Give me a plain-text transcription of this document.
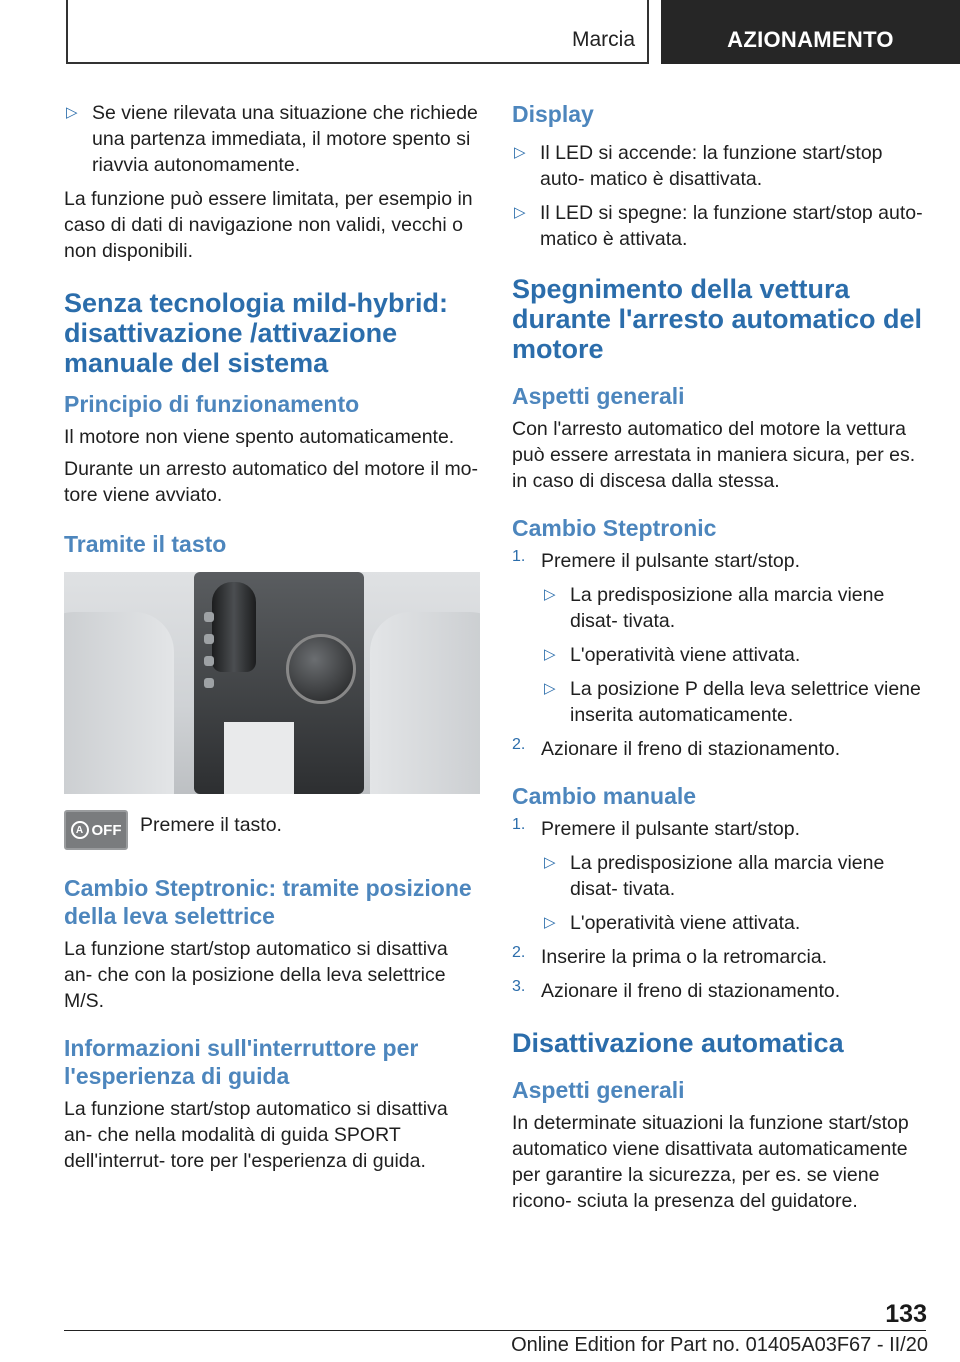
Marcia	AZIONAMENTO
▷ Se viene rilevata una situazione che richiede una partenza immediata, il motore spento si riavvia autonomamente.

La funzione può essere limitata, per esempio in caso di dati di navigazione non validi, vecchi o non disponibili.

Senza tecnologia mild-hybrid: disattivazione /attivazione manuale del sistema
Principio di funzionamento

Il motore non viene spento automaticamente.

Durante un arresto automatico del motore il mo- tore viene avviato.

Tramite il tasto
A OFF Premere il tasto.

Cambio Steptronic: tramite posizione della leva selettrice

La funzione start/stop automatico si disattiva an- che con la posizione della leva selettrice M/S.

Informazioni sull'interruttore per l'esperienza di guida

La funzione start/stop automatico si disattiva an- che nella modalità di guida SPORT dell'interrut- tore per l'esperienza di guida.

Display
▷ Il LED si accende: la funzione start/stop auto- matico è disattivata.

▷ Il LED si spegne: la funzione start/stop auto- matico è attivata.

Spegnimento della vettura durante l'arresto automatico del motore
Aspetti generali

Con l'arresto automatico del motore la vettura può essere arrestata in maniera sicura, per es. in caso di discesa dalla stessa.

Cambio Steptronic
1. Premere il pulsante start/stop.

▷ La predisposizione alla marcia viene disat- tivata.

▷ L'operatività viene attivata.

▷ La posizione P della leva selettrice viene inserita automaticamente.

2. Azionare il freno di stazionamento.

Cambio manuale
1. Premere il pulsante start/stop.

▷ La predisposizione alla marcia viene disat- tivata.

▷ L'operatività viene attivata.

2. Inserire la prima o la retromarcia.

3. Azionare il freno di stazionamento.

Disattivazione automatica
Aspetti generali

In determinate situazioni la funzione start/stop automatico viene disattivata automaticamente per garantire la sicurezza, per es. se viene ricono- sciuta la presenza del guidatore.

133
Online Edition for Part no. 01405A03F67 - II/20
